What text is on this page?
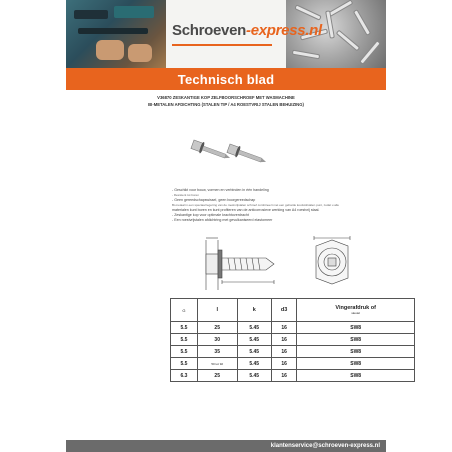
Schroeven-express.nl
Technisch blad
V36870 ZESKANTIGE KOP ZELFBOORSCHROEF MET WASMACHINE
BI-METALEN AFDICHTING (STALEN TIP / A4 ROESTVRIJ STALEN BEHUIZING)
- Geschikt voor bouw, vormen en verbinden in één handeling
- Resistent tot boren
- Geen gereedschapswissel, geen boorgereedschap
Bi-metaal in een speciaal legering van de roestvrijstalen schroef combineert met een geharde koolstofstalen punt, zodat u alle
materialen kunt boren en kunt profiteren van de anticorrosieve werking van A4 roestvrij staal.
- Zeskantige kop voor optimale krachtoverdracht
- Een roestvrijstalen afdichtring met gevulkaniseerd elastomeer
G	l	k	d3	Vingerafdruk of
sleutel

5.5	25	5.45	16	SW8
5.5	30	5.45	16	SW8
5.5	35	5.45	16	SW8
5.5	50 tot 92	5.45	16	SW8
6.3	25	5.45	16	SW8
klantenservice@schroeven-express.nl
